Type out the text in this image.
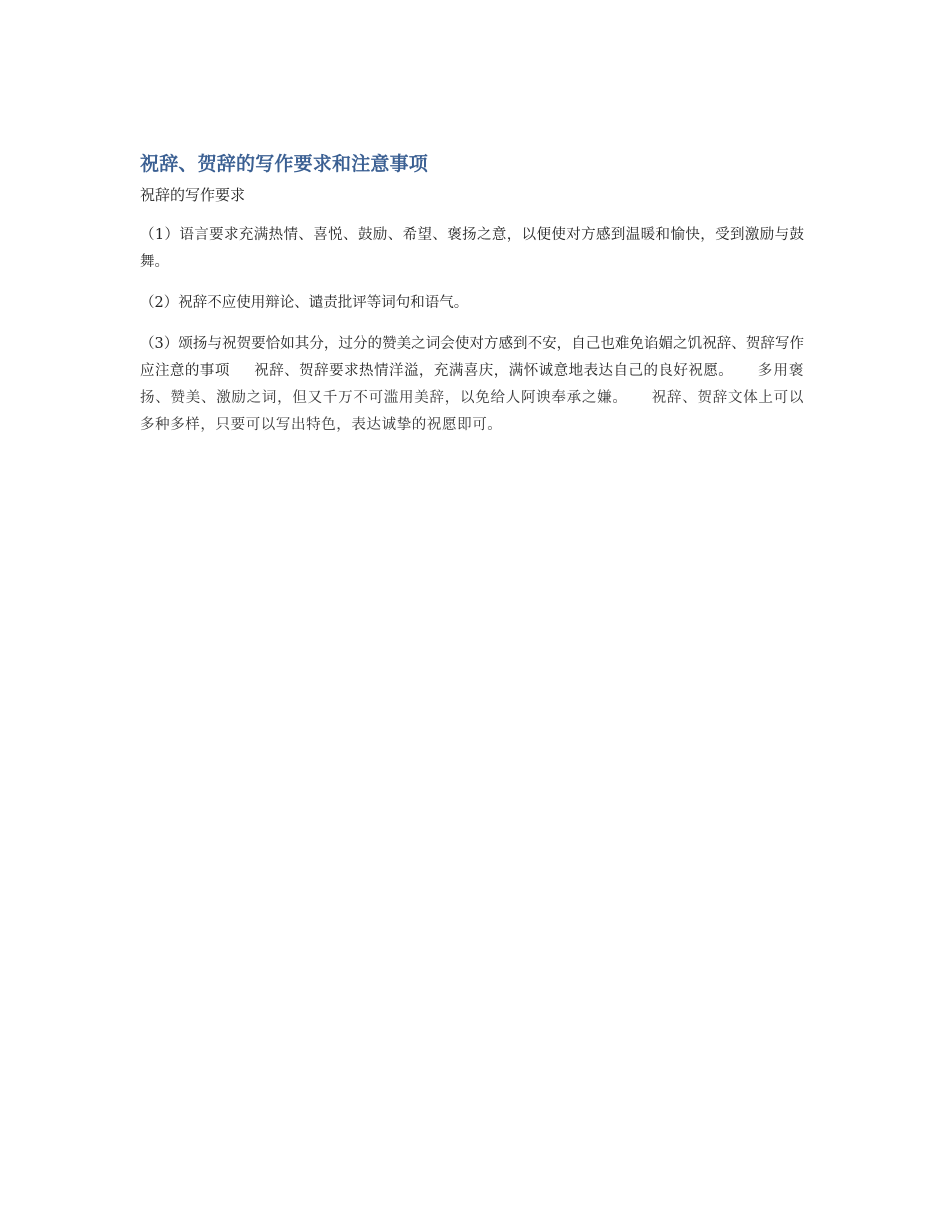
祝辞、贺辞的写作要求和注意事项
祝辞的写作要求

（1）语言要求充满热情、喜悦、鼓励、希望、褒扬之意，以便使对方感到温暖和愉快，受到激励与鼓舞。

（2）祝辞不应使用辩论、谴责批评等词句和语气。

（3）颂扬与祝贺要恰如其分，过分的赞美之词会使对方感到不安，自己也难免谄媚之饥祝辞、贺辞写作应注意的事项 祝辞、贺辞要求热情洋溢，充满喜庆，满怀诚意地表达自己的良好祝愿。 多用褒扬、赞美、激励之词，但又千万不可滥用美辞，以免给人阿谀奉承之嫌。 祝辞、贺辞文体上可以多种多样，只要可以写出特色，表达诚挚的祝愿即可。
